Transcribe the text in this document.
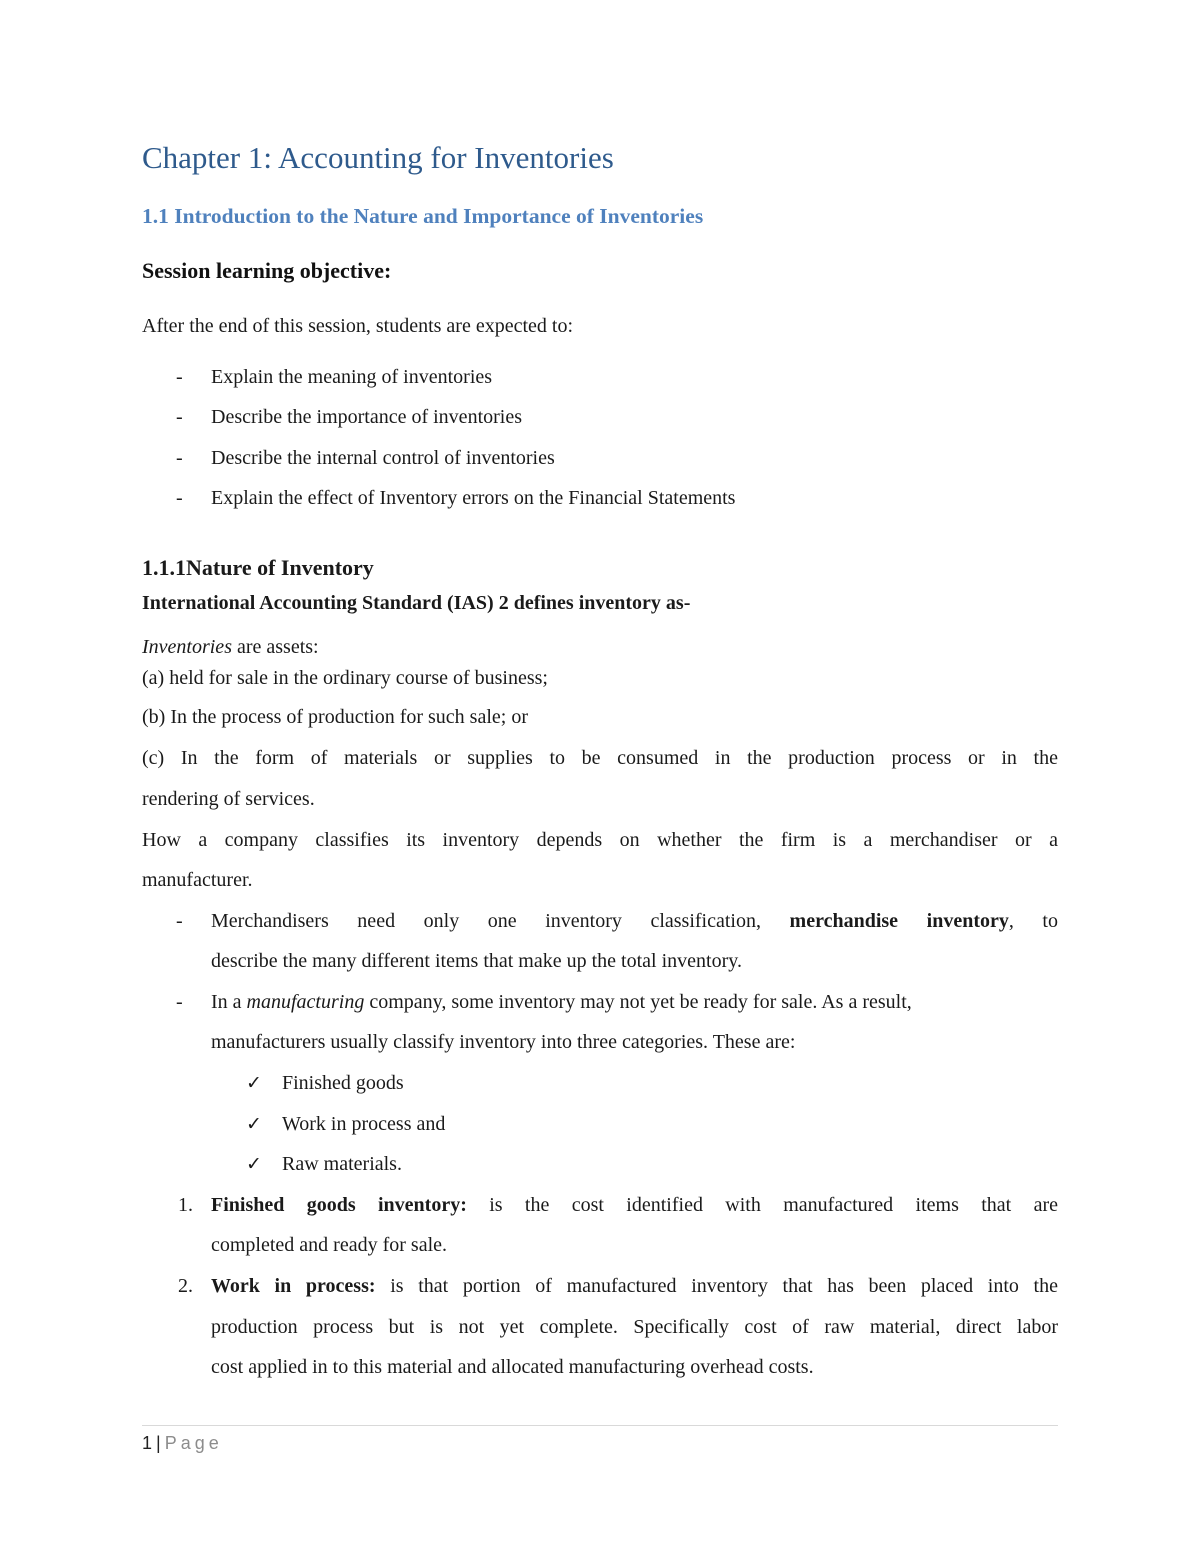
Chapter 1: Accounting for Inventories
1.1 Introduction to the Nature and Importance of Inventories
Session learning objective:
After the end of this session, students are expected to:
- Explain the meaning of inventories
- Describe the importance of inventories
- Describe the internal control of inventories
- Explain the effect of Inventory errors on the Financial Statements
1.1.1Nature of Inventory
International Accounting Standard (IAS) 2 defines inventory as-
Inventories are assets:
(a) held for sale in the ordinary course of business;
(b) In the process of production for such sale; or
(c) In the form of materials or supplies to be consumed in the production process or in the
rendering of services.
How a company classifies its inventory depends on whether the firm is a merchandiser or a
manufacturer.
- Merchandisers need only one inventory classification, merchandise inventory, to
describe the many different items that make up the total inventory.
- In a manufacturing company, some inventory may not yet be ready for sale. As a result,
manufacturers usually classify inventory into three categories. These are:
✓ Finished goods
✓ Work in process and
✓ Raw materials.
1. Finished goods inventory: is the cost identified with manufactured items that are
completed and ready for sale.
2. Work in process: is that portion of manufactured inventory that has been placed into the
production process but is not yet complete. Specifically cost of raw material, direct labor
cost applied in to this material and allocated manufacturing overhead costs.
1 | Page
